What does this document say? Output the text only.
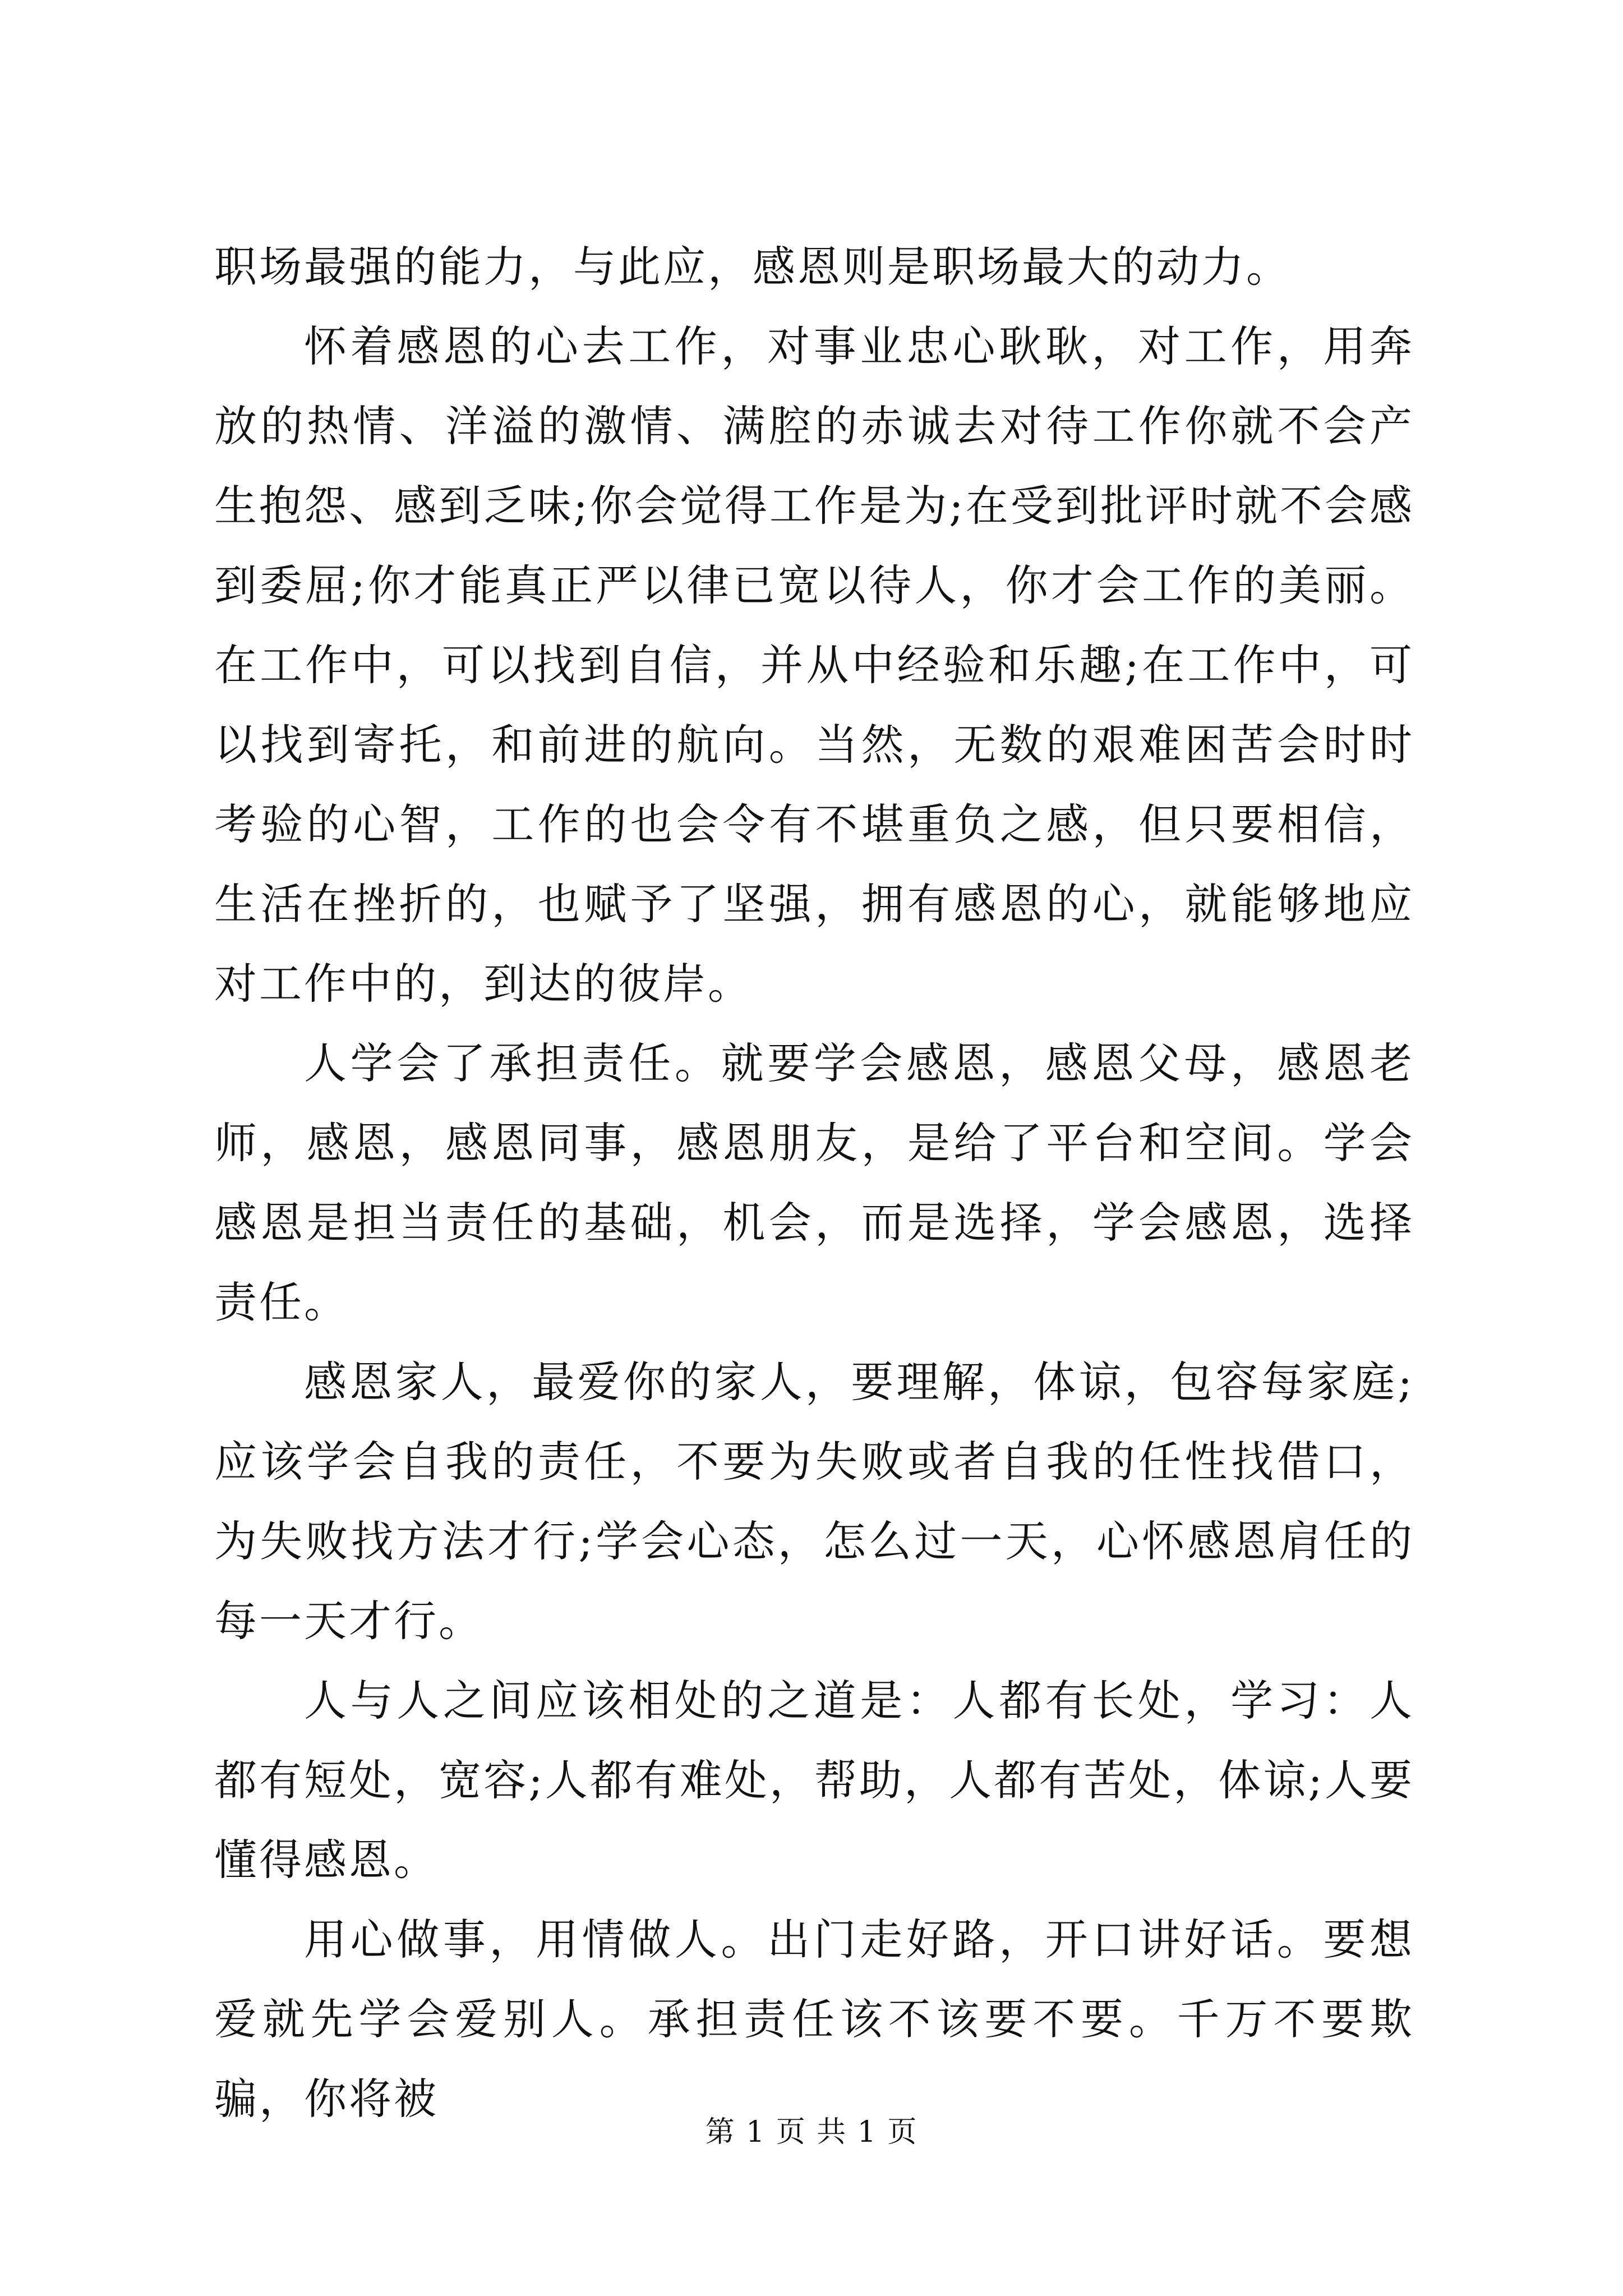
职场最强的能力，与此应，感恩则是职场最大的动力。

怀着感恩的心去工作，对事业忠心耿耿，对工作，用奔放的热情、洋溢的激情、满腔的赤诚去对待工作你就不会产生抱怨、感到乏味;你会觉得工作是为;在受到批评时就不会感到委屈;你才能真正严以律已宽以待人，你才会工作的美丽。在工作中，可以找到自信，并从中经验和乐趣;在工作中，可以找到寄托，和前进的航向。当然，无数的艰难困苦会时时考验的心智，工作的也会令有不堪重负之感，但只要相信，生活在挫折的，也赋予了坚强，拥有感恩的心，就能够地应对工作中的，到达的彼岸。

人学会了承担责任。就要学会感恩，感恩父母，感恩老师，感恩，感恩同事，感恩朋友，是给了平台和空间。学会感恩是担当责任的基础，机会，而是选择，学会感恩，选择责任。

感恩家人，最爱你的家人，要理解，体谅，包容每家庭;应该学会自我的责任，不要为失败或者自我的任性找借口，为失败找方法才行;学会心态，怎么过一天，心怀感恩肩任的每一天才行。

人与人之间应该相处的之道是：人都有长处，学习：人都有短处，宽容;人都有难处，帮助，人都有苦处，体谅;人要懂得感恩。

用心做事，用情做人。出门走好路，开口讲好话。要想爱就先学会爱别人。承担责任该不该要不要。千万不要欺骗，你将被

第 1 页 共 1 页
